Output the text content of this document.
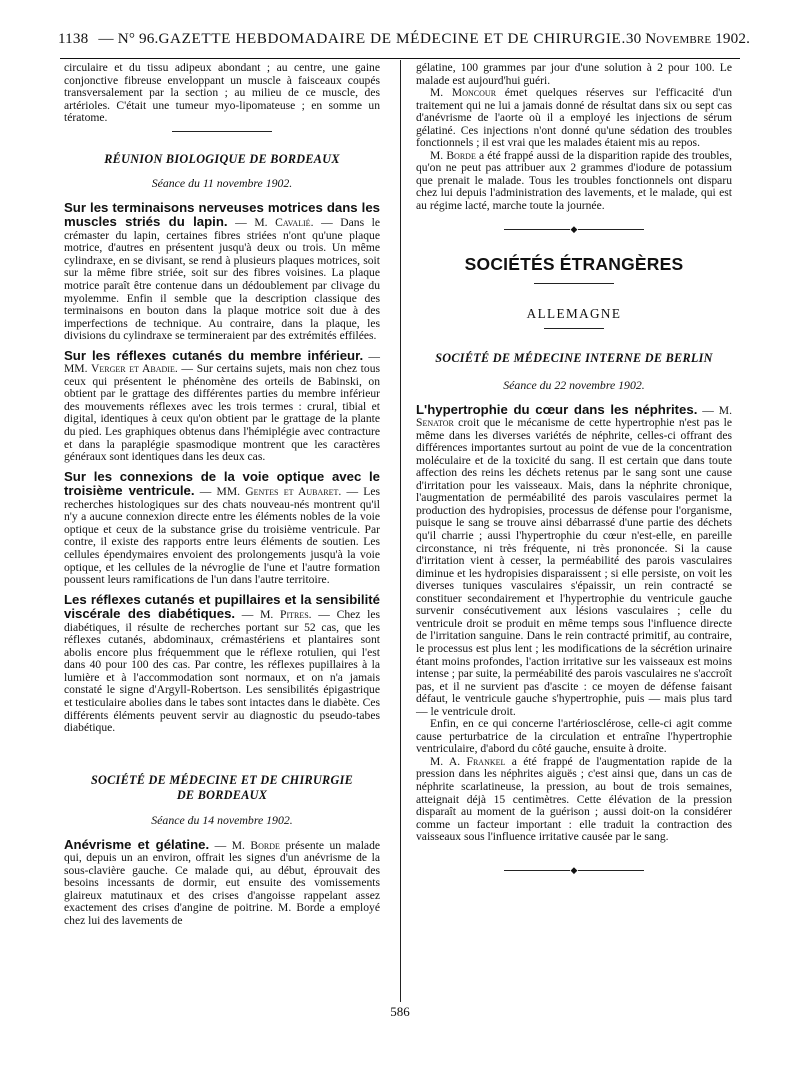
1138 — N° 96. GAZETTE HEBDOMADAIRE DE MÉDECINE ET DE CHIRURGIE. 30 Novembre 1902.

circulaire et du tissu adipeux abondant ; au centre, une gaine conjonctive fibreuse enveloppant un muscle à faisceaux coupés transversalement par la section ; au milieu de ce muscle, des artérioles. C'était une tumeur myo-lipomateuse ; en somme un tératome.

RÉUNION BIOLOGIQUE DE BORDEAUX

Séance du 11 novembre 1902.

Sur les terminaisons nerveuses motrices dans les muscles striés du lapin. — M. Cavalié. — Dans le crémaster du lapin, certaines fibres striées n'ont qu'une plaque motrice, d'autres en présentent jusqu'à deux ou trois. Un même cylindraxe, en se divisant, se rend à plusieurs plaques motrices, soit sur la même fibre striée, soit sur des fibres voisines. La plaque motrice paraît être contenue dans un dédoublement par clivage du myolemme. Enfin il semble que la description classique des terminaisons en bouton dans la plaque motrice soit due à des imperfections de technique. Au contraire, dans la plaque, les divisions du cylindraxe se termineraient par des extrémités effilées.

Sur les réflexes cutanés du membre inférieur. — MM. Verger et Abadie. — Sur certains sujets, mais non chez tous ceux qui présentent le phénomène des orteils de Babinski, on obtient par le grattage des différentes parties du membre inférieur des mouvements réflexes avec les trois termes : crural, tibial et digital, identiques à ceux qu'on obtient par le grattage de la plante du pied. Les graphiques obtenus dans l'hémiplégie avec contracture et dans la paraplégie spasmodique montrent que les caractères généraux sont identiques dans les deux cas.

Sur les connexions de la voie optique avec le troisième ventricule. — MM. Gentes et Aubaret. — Les recherches histologiques sur des chats nouveau-nés montrent qu'il n'y a aucune connexion directe entre les éléments nobles de la voie optique et ceux de la substance grise du troisième ventricule. Par contre, il existe des rapports entre leurs éléments de soutien. Les cellules épendymaires envoient des prolongements jusqu'à la voie optique, et les cellules de la névroglie de l'une et l'autre formation poussent leurs ramifications de l'un dans l'autre territoire.

Les réflexes cutanés et pupillaires et la sensibilité viscérale des diabétiques. — M. Pitres. — Chez les diabétiques, il résulte de recherches portant sur 52 cas, que les réflexes cutanés, abdominaux, crémastériens et plantaires sont abolis encore plus fréquemment que le réflexe rotulien, qui l'est dans 40 pour 100 des cas. Par contre, les réflexes pupillaires à la lumière et à l'accommodation sont normaux, et on n'a jamais constaté le signe d'Argyll-Robertson. Les sensibilités épigastrique et testiculaire abolies dans le tabes sont intactes dans le diabète. Ces différents éléments peuvent servir au diagnostic du pseudo-tabes diabétique.

SOCIÉTÉ DE MÉDECINE ET DE CHIRURGIE

DE BORDEAUX

Séance du 14 novembre 1902.

Anévrisme et gélatine. — M. Borde présente un malade qui, depuis un an environ, offrait les signes d'un anévrisme de la sous-clavière gauche. Ce malade qui, au début, éprouvait des besoins incessants de dormir, eut ensuite des vomissements glaireux matutinaux et des crises d'angoisse rappelant assez exactement des crises d'angine de poitrine. M. Borde a employé chez lui des lavements de

gélatine, 100 grammes par jour d'une solution à 2 pour 100. Le malade est aujourd'hui guéri.

M. Moncour émet quelques réserves sur l'efficacité d'un traitement qui ne lui a jamais donné de résultat dans six ou sept cas d'anévrisme de l'aorte où il a employé les injections de sérum gélatiné. Ces injections n'ont donné qu'une sédation des troubles fonctionnels ; il est vrai que les malades étaient mis au repos.

M. Borde a été frappé aussi de la disparition rapide des troubles, qu'on ne peut pas attribuer aux 2 grammes d'iodure de potassium que prenait le malade. Tous les troubles fonctionnels ont disparu chez lui depuis l'administration des lavements, et le malade, qui est au régime lacté, marche toute la journée.

◆

SOCIÉTÉS ÉTRANGÈRES

ALLEMAGNE

SOCIÉTÉ DE MÉDECINE INTERNE DE BERLIN

Séance du 22 novembre 1902.

L'hypertrophie du cœur dans les néphrites. — M. Senator croit que le mécanisme de cette hypertrophie n'est pas le même dans les diverses variétés de néphrite, celles-ci offrant des différences importantes surtout au point de vue de la concentration moléculaire et de la toxicité du sang. Il est certain que dans toute affection des reins les déchets retenus par le sang sont une cause d'irritation pour les vaisseaux. Mais, dans la néphrite chronique, l'augmentation de perméabilité des parois vasculaires permet la production des hydropisies, processus de défense pour l'organisme, puisque le sang se trouve ainsi débarrassé d'une partie des déchets qu'il charrie ; aussi l'hypertrophie du cœur n'est-elle, en pareille circonstance, ni très fréquente, ni très prononcée. Si la cause d'irritation vient à cesser, la perméabilité des parois vasculaires diminue et les hydropisies disparaissent ; si elle persiste, on voit les diverses tuniques vasculaires s'épaissir, un rein contracté se constituer secondairement et l'hypertrophie du ventricule gauche survenir consécutivement aux lésions vasculaires ; celle du ventricule droit se produit en même temps sous l'influence directe de l'irritation sanguine. Dans le rein contracté primitif, au contraire, le processus est plus lent ; les modifications de la sécrétion urinaire étant moins profondes, l'action irritative sur les vaisseaux est moins intense ; par suite, la perméabilité des parois vasculaires ne s'accroît pas, et il ne survient pas d'ascite : ce moyen de défense faisant défaut, le ventricule gauche s'hypertrophie, puis — mais plus tard — le ventricule droit.

Enfin, en ce qui concerne l'artériosclérose, celle-ci agit comme cause perturbatrice de la circulation et entraîne l'hypertrophie ventriculaire, d'abord du côté gauche, ensuite à droite.

M. A. Frankel a été frappé de l'augmentation rapide de la pression dans les néphrites aiguës ; c'est ainsi que, dans un cas de néphrite scarlatineuse, la pression, au bout de trois semaines, atteignait déjà 15 centimètres. Cette élévation de la pression disparaît au moment de la guérison ; aussi doit-on la considérer comme un facteur important : elle traduit la contraction des vaisseaux sous l'influence irritative causée par le sang.

◆
586
